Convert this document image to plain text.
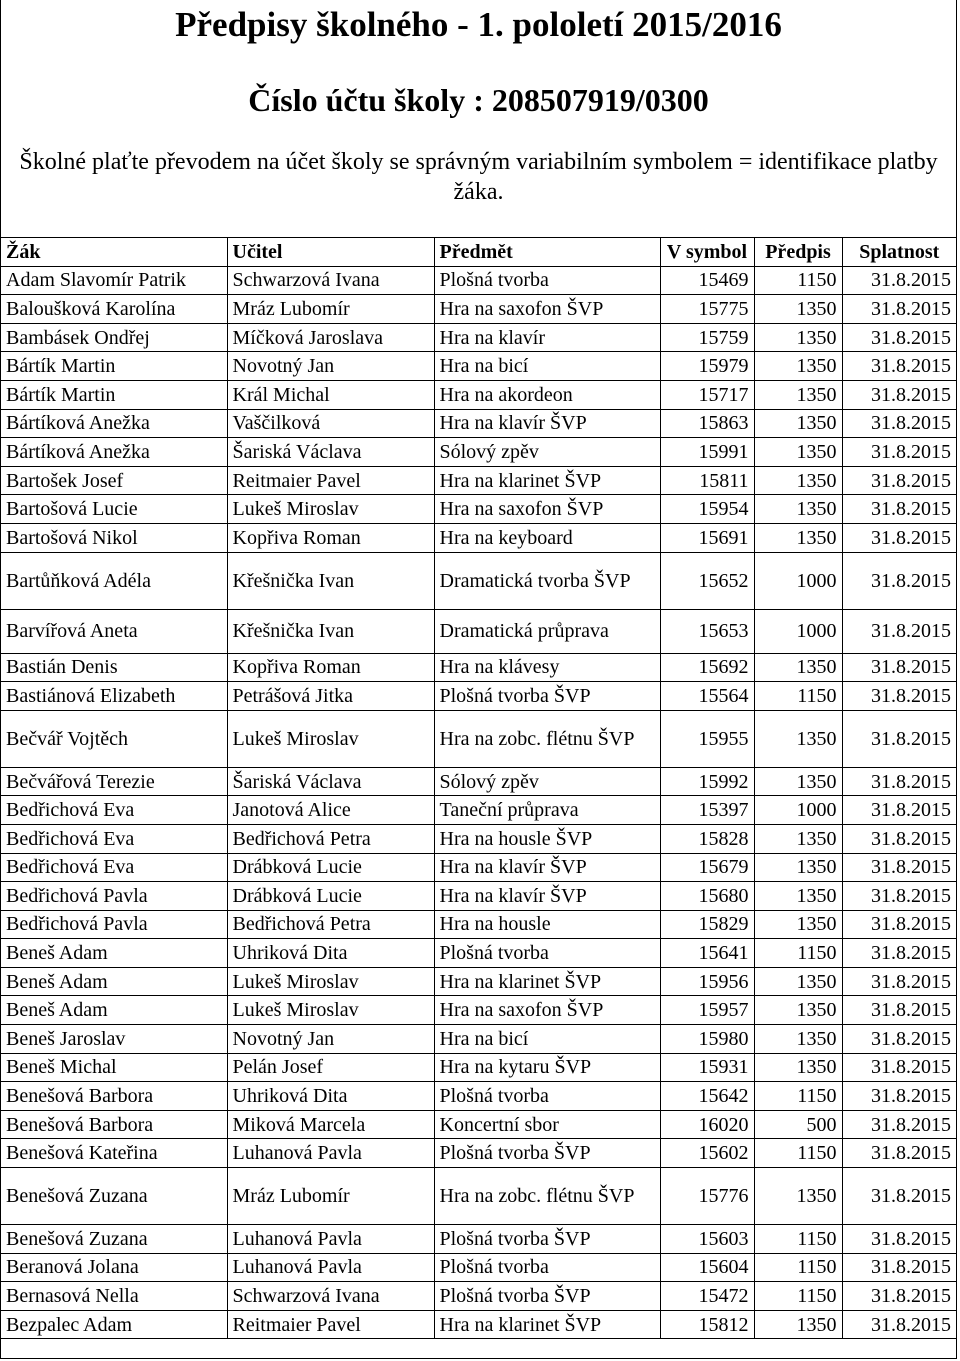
Předpisy školného - 1. pololetí 2015/2016
Číslo účtu školy : 208507919/0300
Školné plaťte převodem na účet školy se správným variabilním symbolem = identifikace platby žáka.
Žák	Učitel	Předmět	V symbol	Předpis	Splatnost
Adam Slavomír Patrik	Schwarzová Ivana	Plošná tvorba	15469	1150	31.8.2015
Baloušková Karolína	Mráz Lubomír	Hra na saxofon ŠVP	15775	1350	31.8.2015
Bambásek Ondřej	Míčková Jaroslava	Hra na klavír	15759	1350	31.8.2015
Bártík Martin	Novotný Jan	Hra na bicí	15979	1350	31.8.2015
Bártík Martin	Král Michal	Hra na akordeon	15717	1350	31.8.2015
Bártíková Anežka	Vaščilková	Hra na klavír ŠVP	15863	1350	31.8.2015
Bártíková Anežka	Šariská Václava	Sólový zpěv	15991	1350	31.8.2015
Bartošek Josef	Reitmaier Pavel	Hra na klarinet ŠVP	15811	1350	31.8.2015
Bartošová Lucie	Lukeš Miroslav	Hra na saxofon ŠVP	15954	1350	31.8.2015
Bartošová Nikol	Kopřiva Roman	Hra na keyboard	15691	1350	31.8.2015
Bartůňková Adéla	Křešnička Ivan	Dramatická tvorba ŠVP	15652	1000	31.8.2015
Barvířová Aneta	Křešnička Ivan	Dramatická průprava	15653	1000	31.8.2015
Bastián Denis	Kopřiva Roman	Hra na klávesy	15692	1350	31.8.2015
Bastiánová Elizabeth	Petrášová Jitka	Plošná tvorba ŠVP	15564	1150	31.8.2015
Bečvář Vojtěch	Lukeš Miroslav	Hra na zobc. flétnu ŠVP	15955	1350	31.8.2015
Bečvářová Terezie	Šariská Václava	Sólový zpěv	15992	1350	31.8.2015
Bedřichová Eva	Janotová Alice	Taneční průprava	15397	1000	31.8.2015
Bedřichová Eva	Bedřichová Petra	Hra na housle ŠVP	15828	1350	31.8.2015
Bedřichová Eva	Drábková Lucie	Hra na klavír ŠVP	15679	1350	31.8.2015
Bedřichová Pavla	Drábková Lucie	Hra na klavír ŠVP	15680	1350	31.8.2015
Bedřichová Pavla	Bedřichová Petra	Hra na housle	15829	1350	31.8.2015
Beneš Adam	Uhriková Dita	Plošná tvorba	15641	1150	31.8.2015
Beneš Adam	Lukeš Miroslav	Hra na klarinet ŠVP	15956	1350	31.8.2015
Beneš Adam	Lukeš Miroslav	Hra na saxofon ŠVP	15957	1350	31.8.2015
Beneš Jaroslav	Novotný Jan	Hra na bicí	15980	1350	31.8.2015
Beneš Michal	Pelán Josef	Hra na kytaru ŠVP	15931	1350	31.8.2015
Benešová Barbora	Uhriková Dita	Plošná tvorba	15642	1150	31.8.2015
Benešová Barbora	Miková Marcela	Koncertní sbor	16020	500	31.8.2015
Benešová Kateřina	Luhanová Pavla	Plošná tvorba ŠVP	15602	1150	31.8.2015
Benešová Zuzana	Mráz Lubomír	Hra na zobc. flétnu ŠVP	15776	1350	31.8.2015
Benešová Zuzana	Luhanová Pavla	Plošná tvorba ŠVP	15603	1150	31.8.2015
Beranová Jolana	Luhanová Pavla	Plošná tvorba	15604	1150	31.8.2015
Bernasová Nella	Schwarzová Ivana	Plošná tvorba ŠVP	15472	1150	31.8.2015
Bezpalec Adam	Reitmaier Pavel	Hra na klarinet ŠVP	15812	1350	31.8.2015
